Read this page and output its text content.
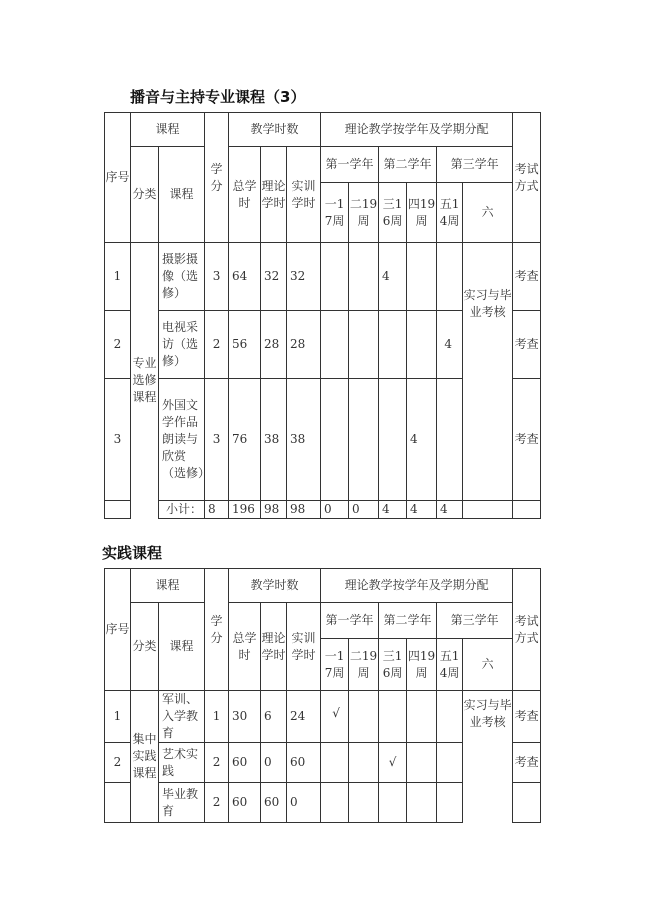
播音与主持专业课程（3）
序号	课程		学分	教学时数			理论教学按学年及学期分配						考试方式
	分类	课程		总学时	理论学时	实训学时	第一学年		第二学年		第三学年		
							一17周	二19周	三16周	四19周	五14周	六	
1	专业选修课程	摄影摄像（选修）	3	64	32	32			4			实习与毕业考核	考查
2		电视采访（选修）	2	56	28	28					4		考查
3		外国文学作品朗读与欣赏（选修）	3	76	38	38				4			考查
		小计：	8	196	98	98	0	0	4	4	4		
实践课程
序号	课程		学分	教学时数			理论教学按学年及学期分配						考试方式
	分类	课程		总学时	理论学时	实训学时	第一学年		第二学年		第三学年		
							一17周	二19周	三16周	四19周	五14周	六	
1	集中实践课程	军训、入学教育	1	30	6	24	√					实习与毕业考核	考查
2		艺术实践	2	60	0	60			√				考查
		毕业教育	2	60	60	0							
